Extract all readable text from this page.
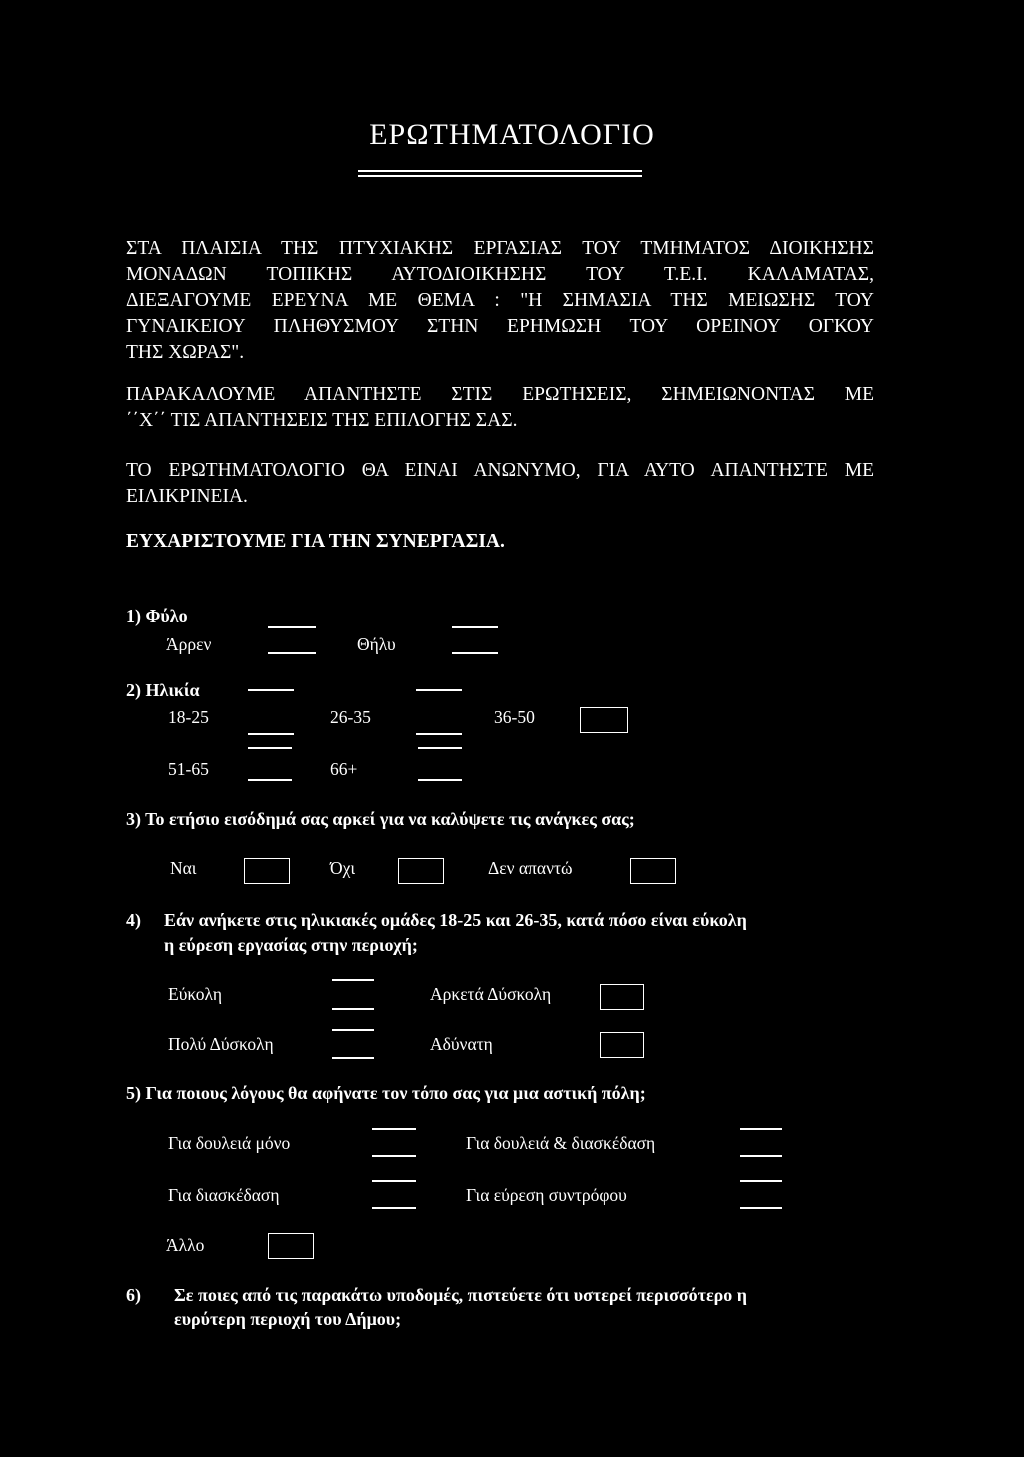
ΕΡΩΤΗΜΑΤΟΛΟΓΙΟ
ΣΤΑ ΠΛΑΙΣΙΑ ΤΗΣ ΠΤΥΧΙΑΚΗΣ ΕΡΓΑΣΙΑΣ ΤΟΥ ΤΜΗΜΑΤΟΣ ΔΙΟΙΚΗΣΗΣ
ΜΟΝΑΔΩΝ ΤΟΠΙΚΗΣ ΑΥΤΟΔΙΟΙΚΗΣΗΣ ΤΟΥ Τ.Ε.Ι. ΚΑΛΑΜΑΤΑΣ,
ΔΙΕΞΑΓΟΥΜΕ ΕΡΕΥΝΑ ΜΕ ΘΕΜΑ : "Η ΣΗΜΑΣΙΑ ΤΗΣ ΜΕΙΩΣΗΣ ΤΟΥ
ΓΥΝΑΙΚΕΙΟΥ ΠΛΗΘΥΣΜΟΥ ΣΤΗΝ ΕΡΗΜΩΣΗ ΤΟΥ ΟΡΕΙΝΟΥ ΟΓΚΟΥ
ΤΗΣ ΧΩΡΑΣ".
ΠΑΡΑΚΑΛΟΥΜΕ ΑΠΑΝΤΗΣΤΕ ΣΤΙΣ ΕΡΩΤΗΣΕΙΣ, ΣΗΜΕΙΩΝΟΝΤΑΣ ΜΕ
΄΄Χ΄΄ ΤΙΣ ΑΠΑΝΤΗΣΕΙΣ ΤΗΣ ΕΠΙΛΟΓΗΣ ΣΑΣ.
ΤΟ ΕΡΩΤΗΜΑΤΟΛΟΓΙΟ ΘΑ ΕΙΝΑΙ ΑΝΩΝΥΜΟ, ΓΙΑ ΑΥΤΟ ΑΠΑΝΤΗΣΤΕ ΜΕ
ΕΙΛΙΚΡΙΝΕΙΑ.
ΕΥΧΑΡΙΣΤΟΥΜΕ ΓΙΑ ΤΗΝ ΣΥΝΕΡΓΑΣΙΑ.
1) Φύλο
Άρρεν	Θήλυ
2) Ηλικία
18-25	26-35	36-50
51-65	66+
3) Το ετήσιο εισόδημά σας αρκεί για να καλύψετε τις ανάγκες σας;
Ναι	Όχι	Δεν απαντώ
4) Εάν ανήκετε στις ηλικιακές ομάδες 18-25 και 26-35, κατά πόσο είναι εύκολη
η εύρεση εργασίας στην περιοχή;
Εύκολη	Αρκετά Δύσκολη
Πολύ Δύσκολη	Αδύνατη
5) Για ποιους λόγους θα αφήνατε τον τόπο σας για μια αστική πόλη;
Για δουλειά μόνο	Για δουλειά & διασκέδαση
Για διασκέδαση	Για εύρεση συντρόφου
Άλλο
6) Σε ποιες από τις παρακάτω υποδομές, πιστεύετε ότι υστερεί περισσότερο η
ευρύτερη περιοχή του Δήμου;
